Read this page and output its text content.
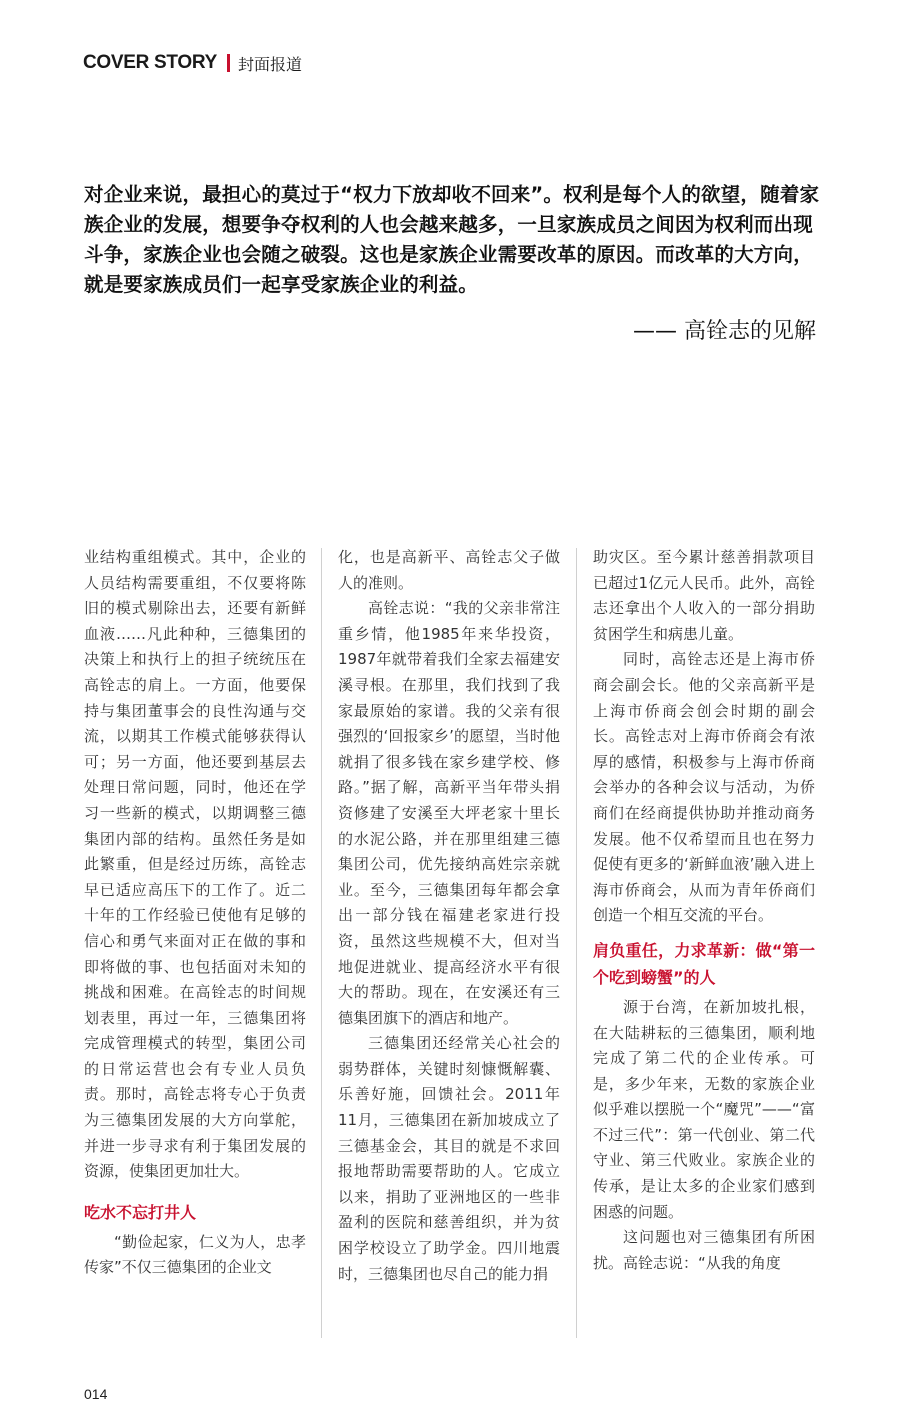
COVER STORY 封面报道
对企业来说，最担心的莫过于“权力下放却收不回来”。权利是每个人的欲望，随着家族企业的发展，想要争夺权利的人也会越来越多，一旦家族成员之间因为权利而出现斗争，家族企业也会随之破裂。这也是家族企业需要改革的原因。而改革的大方向，就是要家族成员们一起享受家族企业的利益。
—— 高铨志的见解

业结构重组模式。其中，企业的人员结构需要重组，不仅要将陈旧的模式剔除出去，还要有新鲜血液……凡此种种，三德集团的决策上和执行上的担子统统压在高铨志的肩上。一方面，他要保持与集团董事会的良性沟通与交流，以期其工作模式能够获得认可；另一方面，他还要到基层去处理日常问题，同时，他还在学习一些新的模式，以期调整三德集团内部的结构。虽然任务是如此繁重，但是经过历练，高铨志早已适应高压下的工作了。近二十年的工作经验已使他有足够的信心和勇气来面对正在做的事和即将做的事、也包括面对未知的挑战和困难。在高铨志的时间规划表里，再过一年，三德集团将完成管理模式的转型，集团公司的日常运营也会有专业人员负责。那时，高铨志将专心于负责为三德集团发展的大方向掌舵，并进一步寻求有利于集团发展的资源，使集团更加壮大。

吃水不忘打井人

“勤俭起家，仁义为人，忠孝传家”不仅三德集团的企业文

化，也是高新平、高铨志父子做人的准则。

高铨志说：“我的父亲非常注重乡情，他1985年来华投资，1987年就带着我们全家去福建安溪寻根。在那里，我们找到了我家最原始的家谱。我的父亲有很强烈的‘回报家乡’的愿望，当时他就捐了很多钱在家乡建学校、修路。”据了解，高新平当年带头捐资修建了安溪至大坪老家十里长的水泥公路，并在那里组建三德集团公司，优先接纳高姓宗亲就业。至今，三德集团每年都会拿出一部分钱在福建老家进行投资，虽然这些规模不大，但对当地促进就业、提高经济水平有很大的帮助。现在，在安溪还有三德集团旗下的酒店和地产。

三德集团还经常关心社会的弱势群体，关键时刻慷慨解囊、乐善好施，回馈社会。2011年11月，三德集团在新加坡成立了三德基金会，其目的就是不求回报地帮助需要帮助的人。它成立以来，捐助了亚洲地区的一些非盈利的医院和慈善组织，并为贫困学校设立了助学金。四川地震时，三德集团也尽自己的能力捐

助灾区。至今累计慈善捐款项目已超过1亿元人民币。此外，高铨志还拿出个人收入的一部分捐助贫困学生和病患儿童。

同时，高铨志还是上海市侨商会副会长。他的父亲高新平是上海市侨商会创会时期的副会长。高铨志对上海市侨商会有浓厚的感情，积极参与上海市侨商会举办的各种会议与活动，为侨商们在经商提供协助并推动商务发展。他不仅希望而且也在努力促使有更多的‘新鲜血液’融入进上海市侨商会，从而为青年侨商们创造一个相互交流的平台。

肩负重任，力求革新：做“第一个吃到螃蟹”的人

源于台湾，在新加坡扎根，在大陆耕耘的三德集团，顺利地完成了第二代的企业传承。可是，多少年来，无数的家族企业似乎难以摆脱一个“魔咒”——“富不过三代”：第一代创业、第二代守业、第三代败业。家族企业的传承，是让太多的企业家们感到困惑的问题。

这问题也对三德集团有所困扰。高铨志说：“从我的角度

014
